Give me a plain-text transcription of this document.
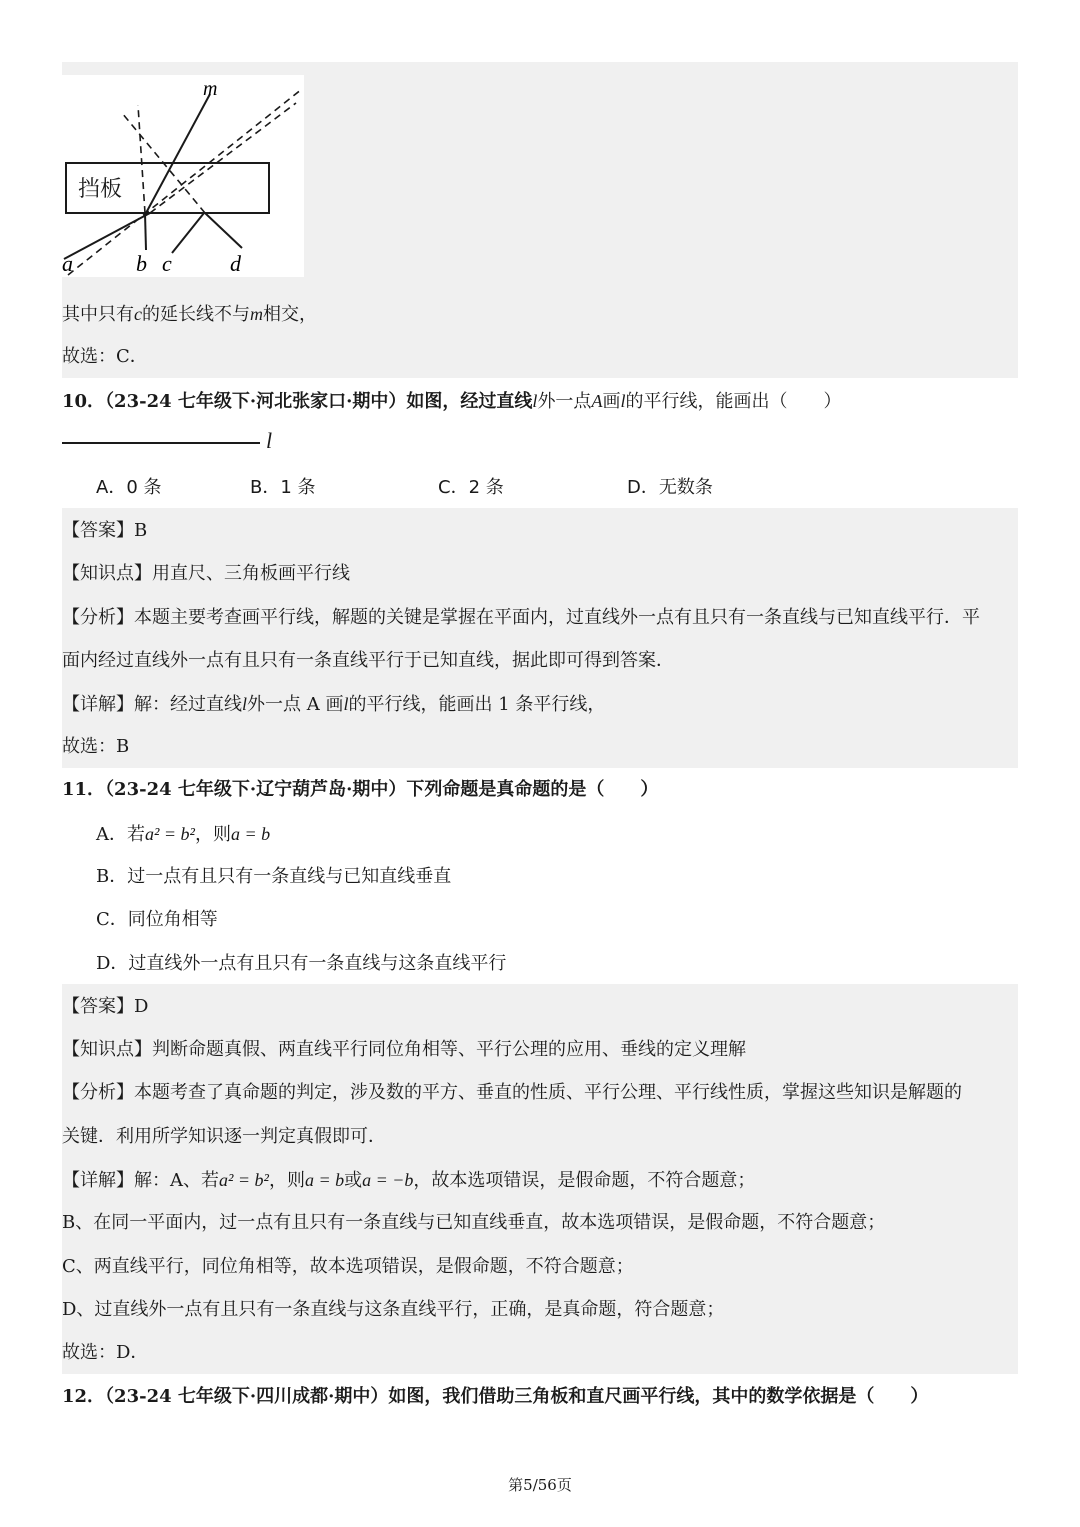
挡板
m
a	b c	d
其中只有c的延长线不与m相交，
故选：C．
10．（23-24 七年级下·河北张家口·期中）如图，经过直线l外一点A画l的平行线，能画出（　　）
l
A．0 条	B．1 条	C．2 条	D．无数条
【答案】B
【知识点】用直尺、三角板画平行线
【分析】本题主要考查画平行线，解题的关键是掌握在平面内，过直线外一点有且只有一条直线与已知直线平行．平
面内经过直线外一点有且只有一条直线平行于已知直线，据此即可得到答案．
【详解】解：经过直线l外一点 A 画l的平行线，能画出 1 条平行线，
故选：B
11．（23-24 七年级下·辽宁葫芦岛·期中）下列命题是真命题的是（　　）
A．若a² = b²，则a = b
B．过一点有且只有一条直线与已知直线垂直
C．同位角相等
D．过直线外一点有且只有一条直线与这条直线平行
【答案】D
【知识点】判断命题真假、两直线平行同位角相等、平行公理的应用、垂线的定义理解
【分析】本题考查了真命题的判定，涉及数的平方、垂直的性质、平行公理、平行线性质，掌握这些知识是解题的
关键．利用所学知识逐一判定真假即可．
【详解】解：A、若a² = b²，则a = b或a = −b，故本选项错误，是假命题，不符合题意；
B、在同一平面内，过一点有且只有一条直线与已知直线垂直，故本选项错误，是假命题，不符合题意；
C、两直线平行，同位角相等，故本选项错误，是假命题，不符合题意；
D、过直线外一点有且只有一条直线与这条直线平行，正确，是真命题，符合题意；
故选：D．
12．（23-24 七年级下·四川成都·期中）如图，我们借助三角板和直尺画平行线，其中的数学依据是（　　）
第5/56页
